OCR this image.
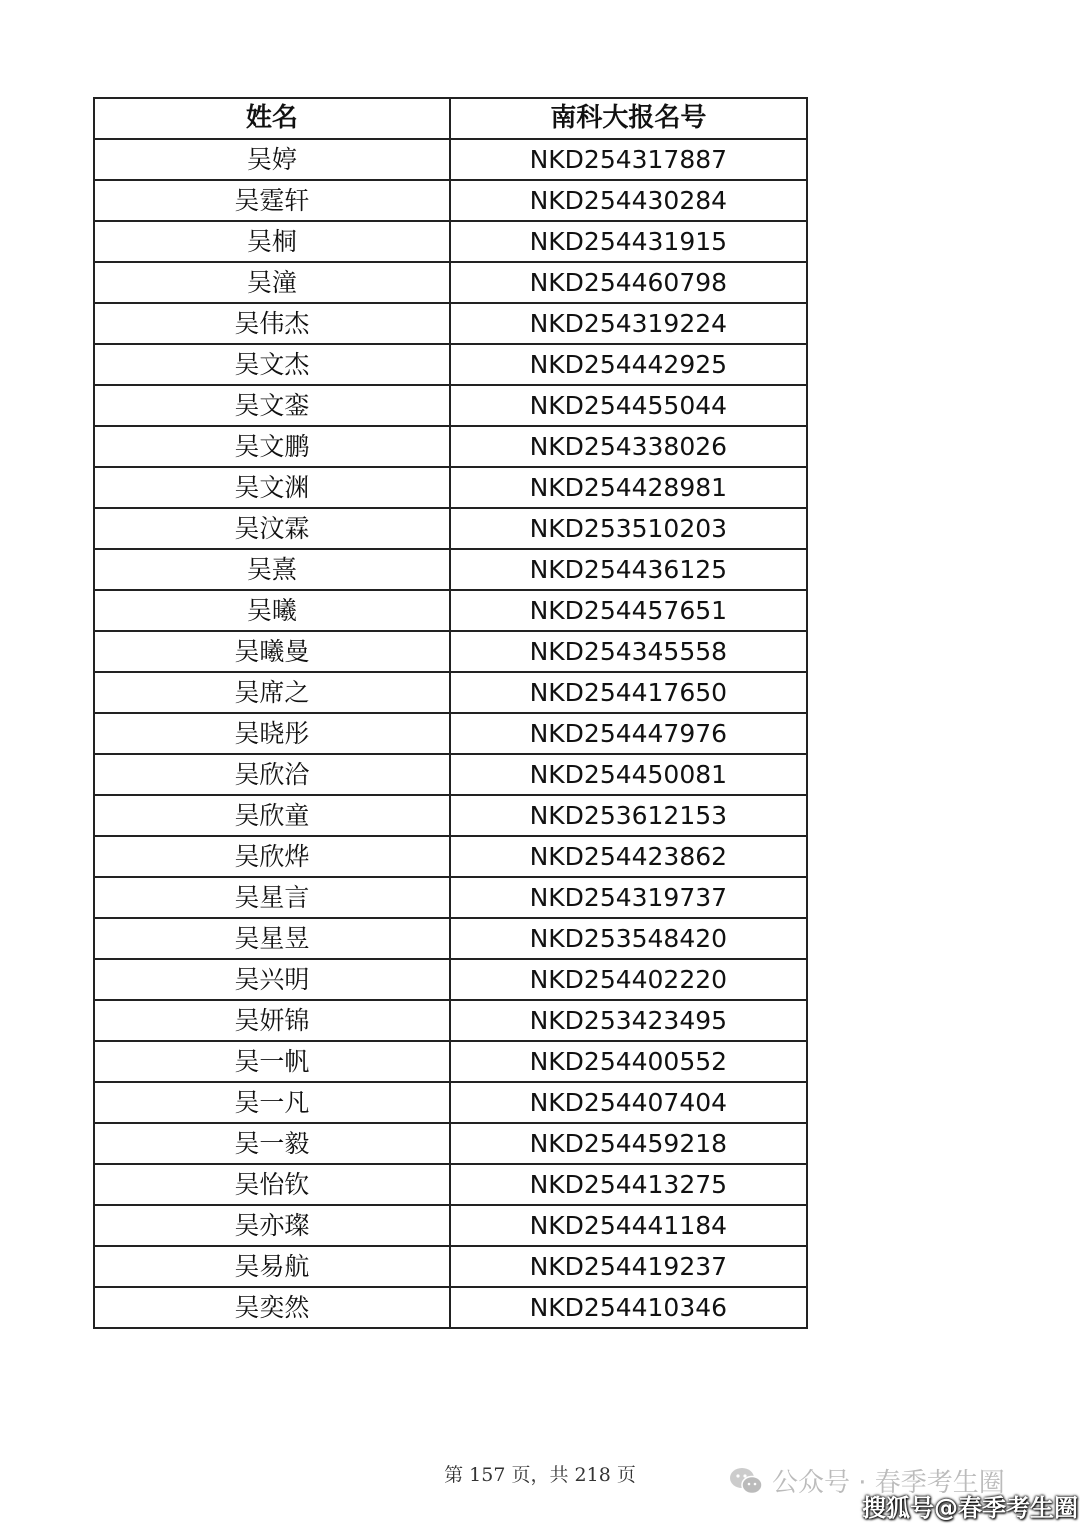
姓名	南科大报名号
吴婷	NKD254317887
吴霆轩	NKD254430284
吴桐	NKD254431915
吴潼	NKD254460798
吴伟杰	NKD254319224
吴文杰	NKD254442925
吴文銮	NKD254455044
吴文鹏	NKD254338026
吴文渊	NKD254428981
吴汶霖	NKD253510203
吴熹	NKD254436125
吴曦	NKD254457651
吴曦曼	NKD254345558
吴席之	NKD254417650
吴晓彤	NKD254447976
吴欣洽	NKD254450081
吴欣童	NKD253612153
吴欣烨	NKD254423862
吴星言	NKD254319737
吴星昱	NKD253548420
吴兴明	NKD254402220
吴妍锦	NKD253423495
吴一帆	NKD254400552
吴一凡	NKD254407404
吴一毅	NKD254459218
吴怡钦	NKD254413275
吴亦璨	NKD254441184
吴易航	NKD254419237
吴奕然	NKD254410346
第 157 页，共 218 页	公众号 · 春季考生圈
搜狐号@春季考生圈
